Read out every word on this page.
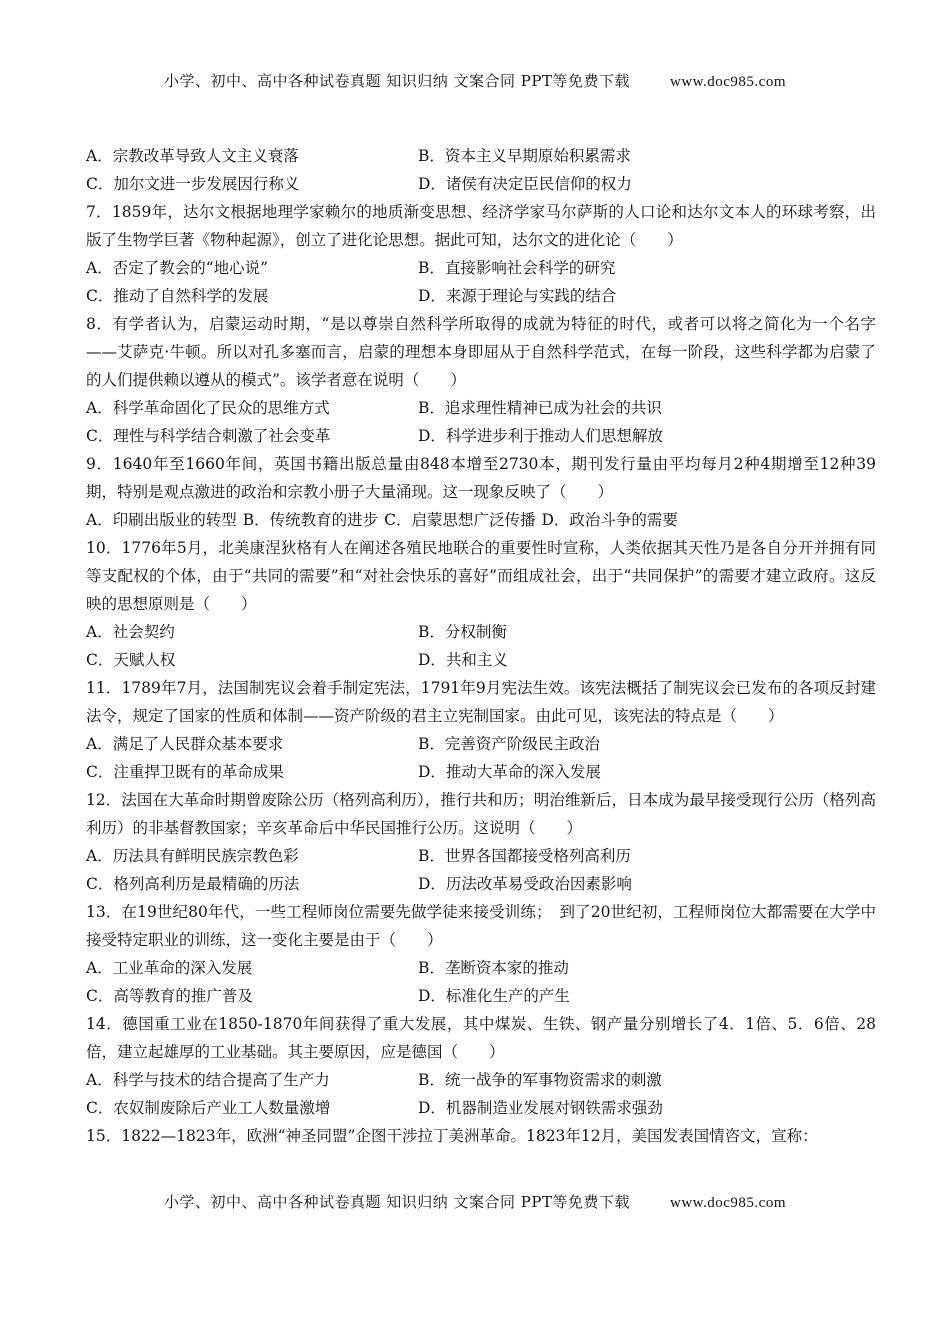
小学、初中、高中各种试卷真题 知识归纳 文案合同 PPT等免费下载	www.doc985.com
A．宗教改革导致人文主义衰落	B．资本主义早期原始积累需求
C．加尔文进一步发展因行称义	D．诸侯有决定臣民信仰的权力
7．1859年，达尔文根据地理学家赖尔的地质渐变思想、经济学家马尔萨斯的人口论和达尔文本人的环球考察，出版了生物学巨著《物种起源》，创立了进化论思想。据此可知，达尔文的进化论（　　）
A．否定了教会的“地心说”	B．直接影响社会科学的研究
C．推动了自然科学的发展	D．来源于理论与实践的结合
8．有学者认为，启蒙运动时期，“是以尊崇自然科学所取得的成就为特征的时代，或者可以将之简化为一个名字——艾萨克·牛顿。所以对孔多塞而言，启蒙的理想本身即屈从于自然科学范式，在每一阶段，这些科学都为启蒙了的人们提供赖以遵从的模式”。该学者意在说明（　　）
A．科学革命固化了民众的思维方式	B．追求理性精神已成为社会的共识
C．理性与科学结合刺激了社会变革	D．科学进步利于推动人们思想解放
9．1640年至1660年间，英国书籍出版总量由848本增至2730本，期刊发行量由平均每月2种4期增至12种39期，特别是观点激进的政治和宗教小册子大量涌现。这一现象反映了（　　）
A．印刷出版业的转型 B．传统教育的进步 C．启蒙思想广泛传播 D．政治斗争的需要
10．1776年5月，北美康涅狄格有人在阐述各殖民地联合的重要性时宣称，人类依据其天性乃是各自分开并拥有同等支配权的个体，由于“共同的需要”和“对社会快乐的喜好”而组成社会，出于“共同保护”的需要才建立政府。这反映的思想原则是（　　）
A．社会契约	B．分权制衡
C．天赋人权	D．共和主义
11．1789年7月，法国制宪议会着手制定宪法，1791年9月宪法生效。该宪法概括了制宪议会已发布的各项反封建法令，规定了国家的性质和体制——资产阶级的君主立宪制国家。由此可见，该宪法的特点是（　　）
A．满足了人民群众基本要求	B．完善资产阶级民主政治
C．注重捍卫既有的革命成果	D．推动大革命的深入发展
12．法国在大革命时期曾废除公历（格列高利历），推行共和历；明治维新后，日本成为最早接受现行公历（格列高利历）的非基督教国家；辛亥革命后中华民国推行公历。这说明（　　）
A．历法具有鲜明民族宗教色彩	B．世界各国都接受格列高利历
C．格列高利历是最精确的历法	D．历法改革易受政治因素影响
13．在19世纪80年代，一些工程师岗位需要先做学徒来接受训练；　到了20世纪初，工程师岗位大都需要在大学中接受特定职业的训练，这一变化主要是由于（　　）
A．工业革命的深入发展	B．垄断资本家的推动
C．高等教育的推广普及	D．标准化生产的产生
14．德国重工业在1850-1870年间获得了重大发展，其中煤炭、生铁、钢产量分别增长了4．1倍、5．6倍、28倍，建立起雄厚的工业基础。其主要原因，应是德国（　　）
A．科学与技术的结合提高了生产力	B．统一战争的军事物资需求的刺激
C．农奴制废除后产业工人数量激增	D．机器制造业发展对钢铁需求强劲
15．1822—1823年，欧洲“神圣同盟”企图干涉拉丁美洲革命。1823年12月，美国发表国情咨文，宣称：
小学、初中、高中各种试卷真题 知识归纳 文案合同 PPT等免费下载	www.doc985.com
